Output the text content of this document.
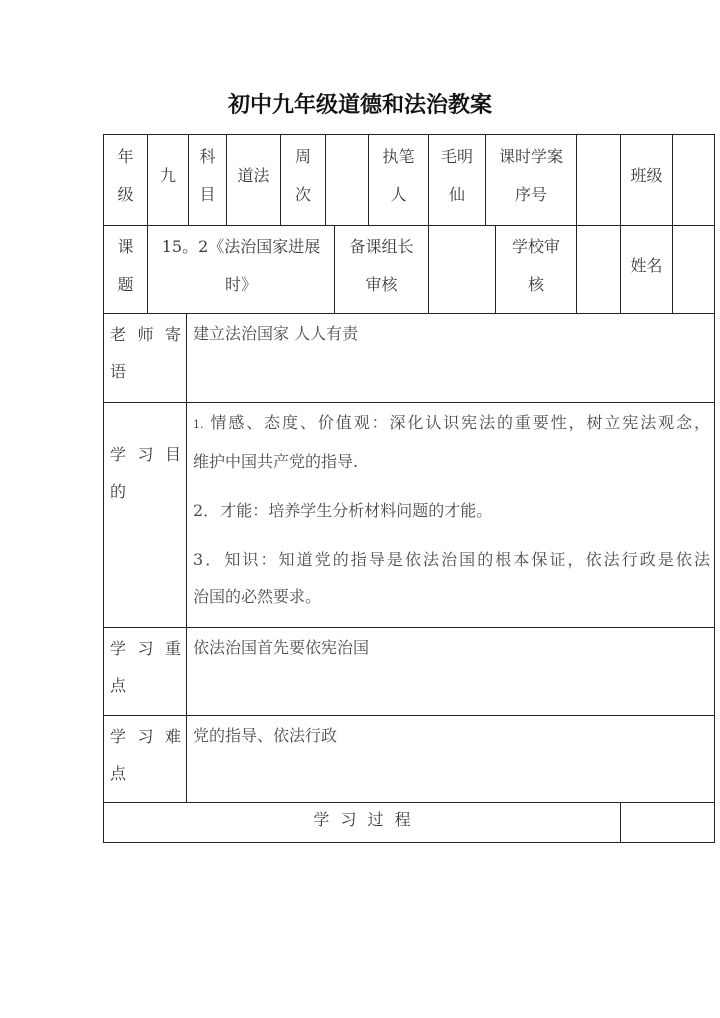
初中九年级道德和法治教案
年
级
九
科
目
道法
周
次
执笔
人
毛明
仙
课时学案
序号
班级
课
题
15。2《法治国家进展
时》
备课组长
审核
学校审
核
姓名
老 师 寄
语
建立法治国家 人人有责
学 习 目
的
1. 情感、态度、价值观：深化认识宪法的重要性，树立宪法观念，
维护中国共产党的指导.
2．才能：培养学生分析材料问题的才能。
3．知识：知道党的指导是依法治国的根本保证，依法行政是依法
治国的必然要求。
学 习 重
点
依法治国首先要依宪治国
学 习 难
点
党的指导、依法行政
学 习 过 程
